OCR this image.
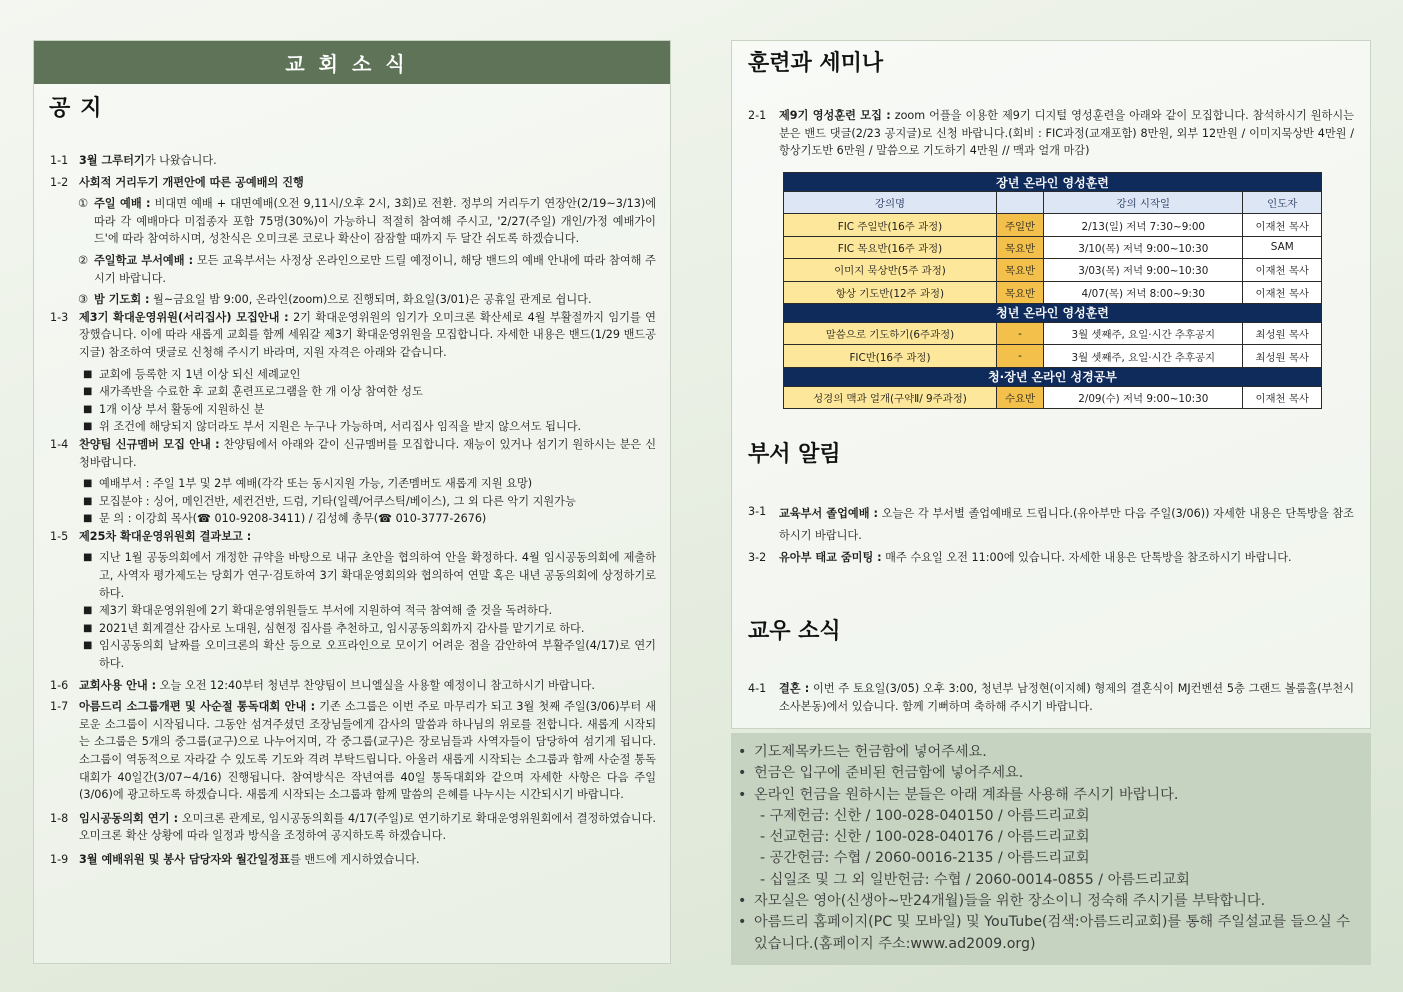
교회소식
공지
1-1 3월 그루터기가 나왔습니다.
1-2 사회적 거리두기 개편안에 따른 공예배의 진행
① 주일 예배 : 비대면 예배 + 대면예배(오전 9,11시/오후 2시, 3회)로 전환. 정부의 거리두기 연장안(2/19~3/13)에 따라 각 예배마다 미접종자 포함 75명(30%)이 가능하니 적절히 참여해 주시고, '2/27(주일) 개인/가정 예배가이드'에 따라 참여하시며, 성찬식은 오미크론 코로나 확산이 잠잠할 때까지 두 달간 쉬도록 하겠습니다.
② 주일학교 부서예배 : 모든 교육부서는 사정상 온라인으로만 드릴 예정이니, 해당 밴드의 예배 안내에 따라 참여해 주시기 바랍니다.
③ 밤 기도회 : 월~금요일 밤 9:00, 온라인(zoom)으로 진행되며, 화요일(3/01)은 공휴일 관계로 쉽니다.
1-3 제3기 확대운영위원(서리집사) 모집안내 : 2기 확대운영위원의 임기가 오미크론 확산세로 4월 부활절까지 임기를 연장했습니다. 이에 따라 새롭게 교회를 함께 세워갈 제3기 확대운영위원을 모집합니다. 자세한 내용은 밴드(1/29 밴드공지글) 참조하여 댓글로 신청해 주시기 바라며, 지원 자격은 아래와 같습니다.
■ 교회에 등록한 지 1년 이상 되신 세례교인
■ 새가족반을 수료한 후 교회 훈련프로그램을 한 개 이상 참여한 성도
■ 1개 이상 부서 활동에 지원하신 분
■ 위 조건에 해당되지 않더라도 부서 지원은 누구나 가능하며, 서리집사 임직을 받지 않으셔도 됩니다.
1-4 찬양팀 신규멤버 모집 안내 : 찬양팀에서 아래와 같이 신규멤버를 모집합니다. 재능이 있거나 섬기기 원하시는 분은 신청바랍니다.
■ 예배부서 : 주일 1부 및 2부 예배(각각 또는 동시지원 가능, 기존멤버도 새롭게 지원 요망)
■ 모집분야 : 싱어, 메인건반, 세컨건반, 드럼, 기타(일렉/어쿠스틱/베이스), 그 외 다른 악기 지원가능
■ 문 의 : 이강희 목사(☎ 010-9208-3411) / 김성혜 총무(☎ 010-3777-2676)
1-5 제25차 확대운영위원회 결과보고 :
■ 지난 1월 공동의회에서 개정한 규약을 바탕으로 내규 초안을 협의하여 안을 확정하다. 4월 임시공동의회에 제출하고, 사역자 평가제도는 당회가 연구·검토하여 3기 확대운영회의와 협의하여 연말 혹은 내년 공동의회에 상정하기로 하다.
■ 제3기 확대운영위원에 2기 확대운영위원들도 부서에 지원하여 적극 참여해 줄 것을 독려하다.
■ 2021년 회계결산 감사로 노대원, 심현정 집사를 추천하고, 임시공동의회까지 감사를 맡기기로 하다.
■ 임시공동의회 날짜를 오미크론의 확산 등으로 오프라인으로 모이기 어려운 점을 감안하여 부활주일(4/17)로 연기하다.
1-6 교회사용 안내 : 오늘 오전 12:40부터 청년부 찬양팀이 브니엘실을 사용할 예정이니 참고하시기 바랍니다.
1-7 아름드리 소그룹개편 및 사순절 통독대회 안내 : 기존 소그룹은 이번 주로 마무리가 되고 3월 첫째 주일(3/06)부터 새로운 소그룹이 시작됩니다. 그동안 섬겨주셨던 조장님들에게 감사의 말씀과 하나님의 위로를 전합니다. 새롭게 시작되는 소그룹은 5개의 중그룹(교구)으로 나누어지며, 각 중그룹(교구)은 장로님들과 사역자들이 담당하여 섬기게 됩니다. 소그룹이 역동적으로 자라갈 수 있도록 기도와 격려 부탁드립니다. 아울러 새롭게 시작되는 소그룹과 함께 사순절 통독대회가 40일간(3/07~4/16) 진행됩니다. 참여방식은 작년여름 40일 통독대회와 같으며 자세한 사항은 다음 주일(3/06)에 광고하도록 하겠습니다. 새롭게 시작되는 소그룹과 함께 말씀의 은혜를 나누시는 시간되시기 바랍니다.
1-8 임시공동의회 연기 : 오미크론 관계로, 임시공동의회를 4/17(주일)로 연기하기로 확대운영위원회에서 결정하였습니다. 오미크론 확산 상황에 따라 일정과 방식을 조정하여 공지하도록 하겠습니다.
1-9 3월 예배위원 및 봉사 담당자와 월간일정표를 밴드에 게시하였습니다.
훈련과 세미나
2-1	제9기 영성훈련 모집 : zoom 어플을 이용한 제9기 디지털 영성훈련을 아래와 같이 모집합니다. 참석하시기 원하시는 분은 밴드 댓글(2/23 공지글)로 신청 바랍니다.(회비 : FIC과정(교재포함) 8만원, 외부 12만원 / 이미지묵상반 4만원 / 항상기도반 6만원 / 말씀으로 기도하기 4만원 // 맥과 얼개 마감)
장년 온라인 영성훈련			
강의명		강의 시작일	인도자
FIC 주일반(16주 과정)	주일반	2/13(일) 저녁 7:30~9:00	이재천 목사
FIC 목요반(16주 과정)	목요반	3/10(목) 저녁 9:00~10:30	SAM
이미지 묵상반(5주 과정)	목요반	3/03(목) 저녁 9:00~10:30	이재천 목사
항상 기도반(12주 과정)	목요반	4/07(목) 저녁 8:00~9:30	이재천 목사
청년 온라인 영성훈련			
말씀으로 기도하기(6주과정)	-	3월 셋째주, 요일·시간 추후공지	최성원 목사
FIC반(16주 과정)	-	3월 셋째주, 요일·시간 추후공지	최성원 목사
청·장년 온라인 성경공부			
성경의 맥과 얼개(구약Ⅱ/ 9주과정)	수요반	2/09(수) 저녁 9:00~10:30	이재천 목사
부서 알림
3-1	교육부서 졸업예배 : 오늘은 각 부서별 졸업예배로 드립니다.(유아부만 다음 주일(3/06)) 자세한 내용은 단톡방을 참조하시기 바랍니다.
3-2	유아부 태교 줌미팅 : 매주 수요일 오전 11:00에 있습니다. 자세한 내용은 단톡방을 참조하시기 바랍니다.
교우 소식
4-1	결혼 : 이번 주 토요일(3/05) 오후 3:00, 청년부 남정현(이지혜) 형제의 결혼식이 MJ컨벤션 5층 그랜드 볼룸홀(부천시 소사본동)에서 있습니다. 함께 기뻐하며 축하해 주시기 바랍니다.
• 기도제목카드는 헌금함에 넣어주세요.
• 헌금은 입구에 준비된 헌금함에 넣어주세요.
• 온라인 헌금을 원하시는 분들은 아래 계좌를 사용해 주시기 바랍니다.
- 구제헌금: 신한 / 100-028-040150 / 아름드리교회
- 선교헌금: 신한 / 100-028-040176 / 아름드리교회
- 공간헌금: 수협 / 2060-0016-2135 / 아름드리교회
- 십일조 및 그 외 일반헌금: 수협 / 2060-0014-0855 / 아름드리교회
• 자모실은 영아(신생아~만24개월)들을 위한 장소이니 정숙해 주시기를 부탁합니다.
• 아름드리 홈페이지(PC 및 모바일) 및 YouTube(검색:아름드리교회)를 통해 주일설교를 들으실 수 있습니다.(홈페이지 주소:www.ad2009.org)
